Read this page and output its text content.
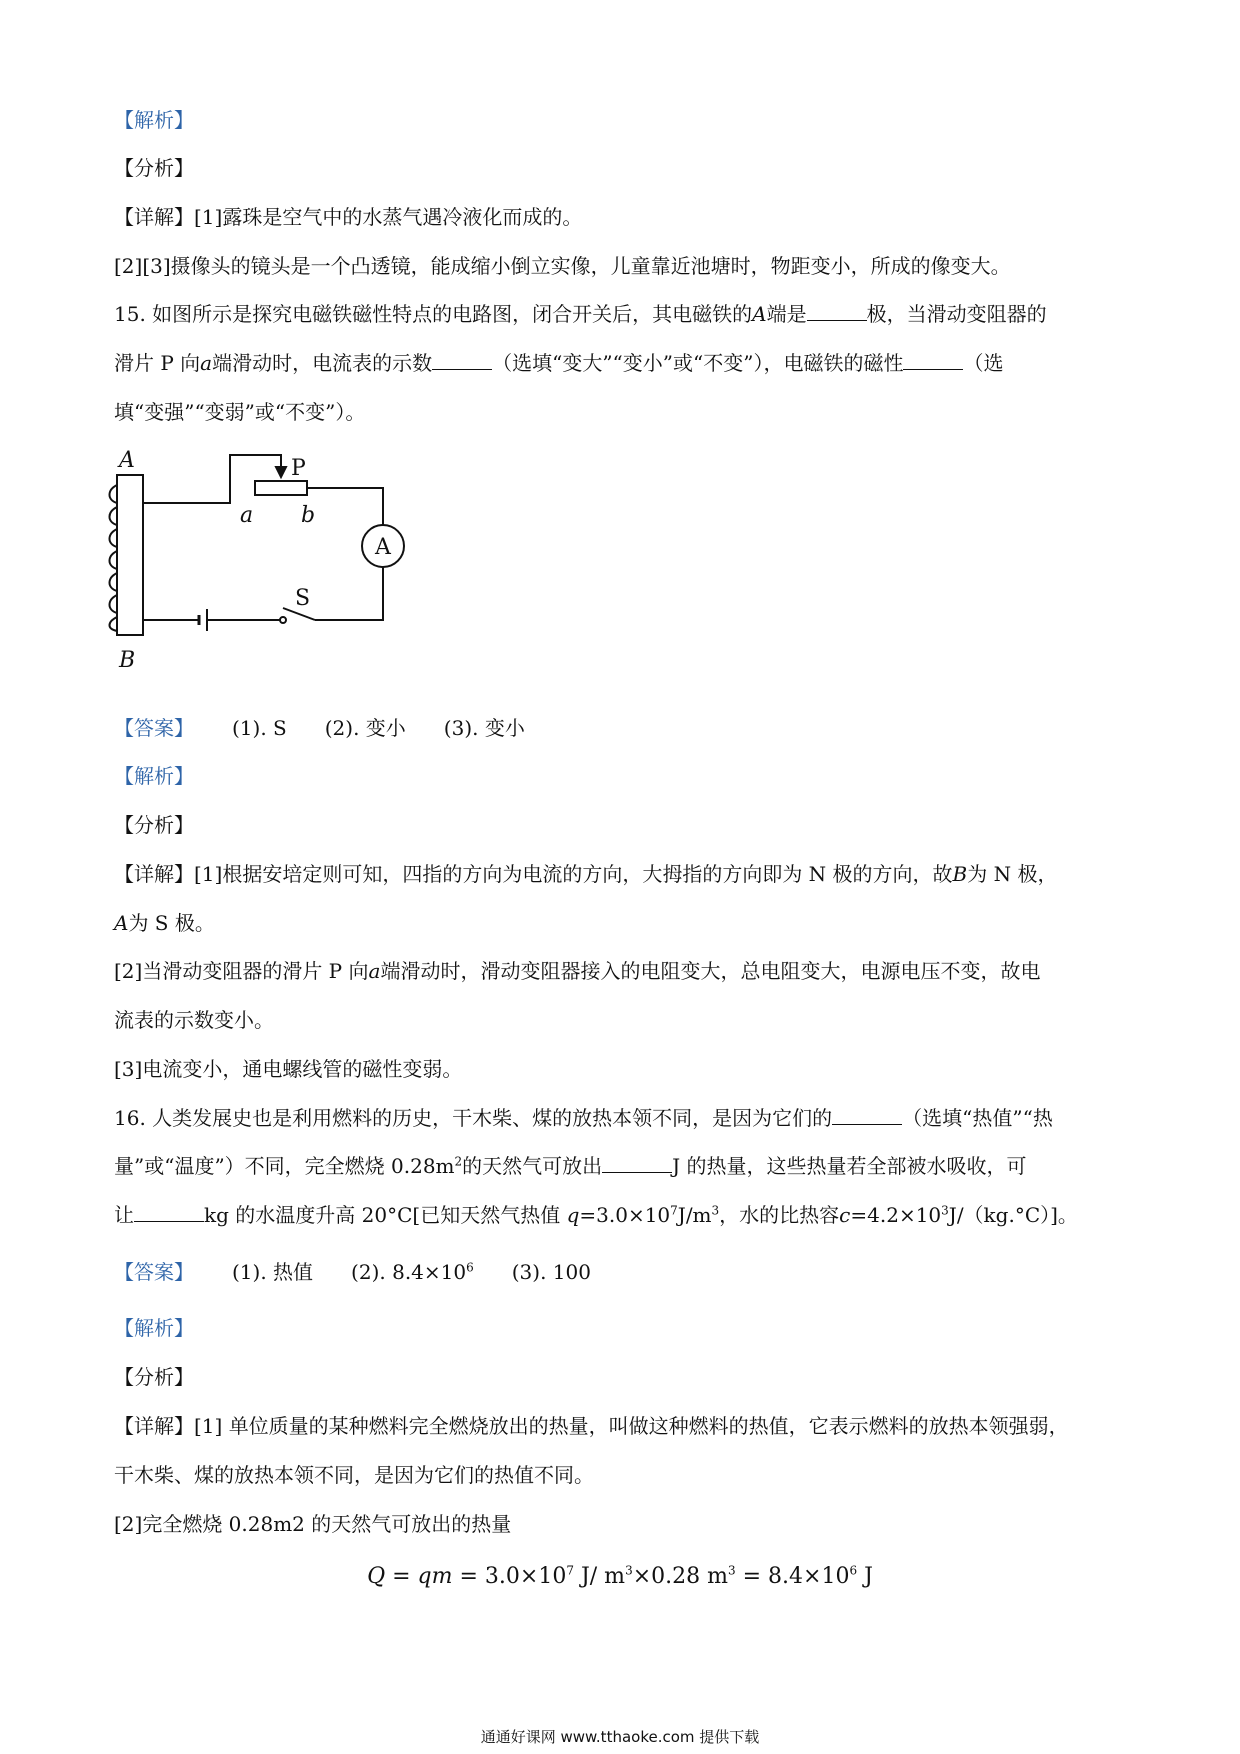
【解析】
【分析】
【详解】[1]露珠是空气中的水蒸气遇冷液化而成的。
[2][3]摄像头的镜头是一个凸透镜，能成缩小倒立实像，儿童靠近池塘时，物距变小，所成的像变大。
15. 如图所示是探究电磁铁磁性特点的电路图，闭合开关后，其电磁铁的A端是	极，当滑动变阻器的
滑片 P 向a端滑动时，电流表的示数	（选填“变大”“变小”或“不变”），电磁铁的磁性	（选
填“变强”“变弱”或“不变”）。
A
B
P
a b
A
S
【答案】 (1). S (2). 变小 (3). 变小
【解析】
【分析】
【详解】[1]根据安培定则可知，四指的方向为电流的方向，大拇指的方向即为 N 极的方向，故B为 N 极，
A为 S 极。
[2]当滑动变阻器的滑片 P 向a端滑动时，滑动变阻器接入的电阻变大，总电阻变大，电源电压不变，故电
流表的示数变小。
[3]电流变小，通电螺线管的磁性变弱。
16. 人类发展史也是利用燃料的历史，干木柴、煤的放热本领不同，是因为它们的	（选填“热值”“热
量”或“温度”）不同，完全燃烧 $0.28m^2$的天然气可放出	J 的热量，这些热量若全部被水吸收，可
让	kg 的水温度升高 20°C[已知天然气热值 $q=3.0\times 10^7J/m^3$，水的比热容$c=4.2\times 10^3J/(kg.^\circ C)$]。
【答案】 (1). 热值 (2). $8.4\times 10^6$ (3). 100
【解析】
【分析】
【详解】[1] 单位质量的某种燃料完全燃烧放出的热量，叫做这种燃料的热值，它表示燃料的放热本领强弱，
干木柴、煤的放热本领不同，是因为它们的热值不同。
[2]完全燃烧 0.28m2 的天然气可放出的热量
Q = qm = $3.0\times 10^7$ J/ $m^3\times 0.28$ $m^3 = 8.4\times 10^6$ J
通通好课网 www.tthaoke.com 提供下载
